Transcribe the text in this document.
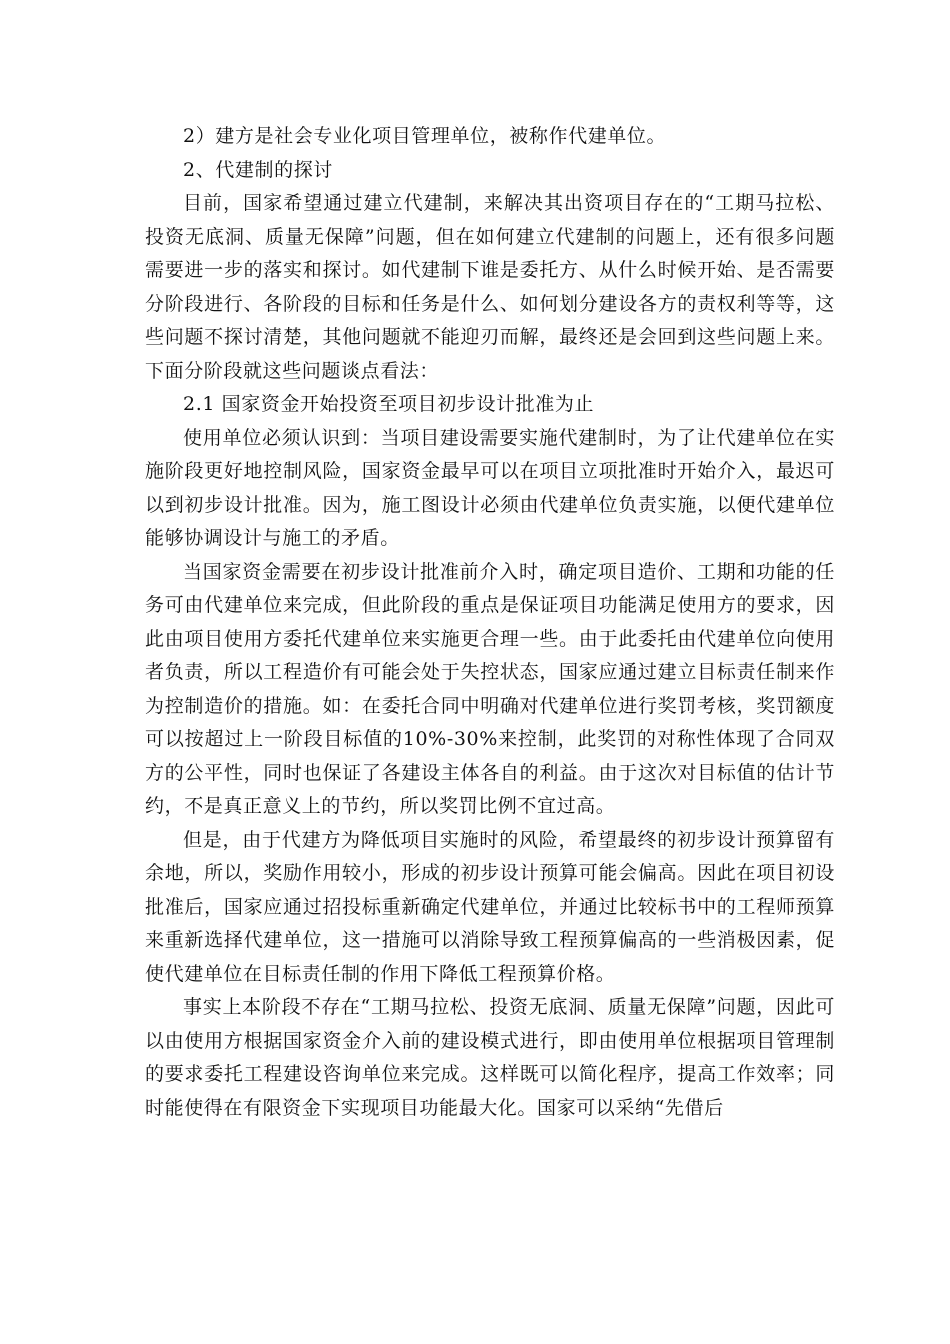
2）建方是社会专业化项目管理单位，被称作代建单位。

2、代建制的探讨

目前，国家希望通过建立代建制，来解决其出资项目存在的“工期马拉松、投资无底洞、质量无保障”问题，但在如何建立代建制的问题上，还有很多问题需要进一步的落实和探讨。如代建制下谁是委托方、从什么时候开始、是否需要分阶段进行、各阶段的目标和任务是什么、如何划分建设各方的责权利等等，这些问题不探讨清楚，其他问题就不能迎刃而解，最终还是会回到这些问题上来。下面分阶段就这些问题谈点看法：

2.1 国家资金开始投资至项目初步设计批准为止

使用单位必须认识到：当项目建设需要实施代建制时，为了让代建单位在实施阶段更好地控制风险，国家资金最早可以在项目立项批准时开始介入，最迟可以到初步设计批准。因为，施工图设计必须由代建单位负责实施，以便代建单位能够协调设计与施工的矛盾。

当国家资金需要在初步设计批准前介入时，确定项目造价、工期和功能的任务可由代建单位来完成，但此阶段的重点是保证项目功能满足使用方的要求，因此由项目使用方委托代建单位来实施更合理一些。由于此委托由代建单位向使用者负责，所以工程造价有可能会处于失控状态，国家应通过建立目标责任制来作为控制造价的措施。如：在委托合同中明确对代建单位进行奖罚考核，奖罚额度可以按超过上一阶段目标值的10%-30%来控制，此奖罚的对称性体现了合同双方的公平性，同时也保证了各建设主体各自的利益。由于这次对目标值的估计节约，不是真正意义上的节约，所以奖罚比例不宜过高。

但是，由于代建方为降低项目实施时的风险，希望最终的初步设计预算留有余地，所以，奖励作用较小，形成的初步设计预算可能会偏高。因此在项目初设批准后，国家应通过招投标重新确定代建单位，并通过比较标书中的工程师预算来重新选择代建单位，这一措施可以消除导致工程预算偏高的一些消极因素，促使代建单位在目标责任制的作用下降低工程预算价格。

事实上本阶段不存在“工期马拉松、投资无底洞、质量无保障”问题，因此可以由使用方根据国家资金介入前的建设模式进行，即由使用单位根据项目管理制的要求委托工程建设咨询单位来完成。这样既可以简化程序，提高工作效率；同时能使得在有限资金下实现项目功能最大化。国家可以采纳“先借后
